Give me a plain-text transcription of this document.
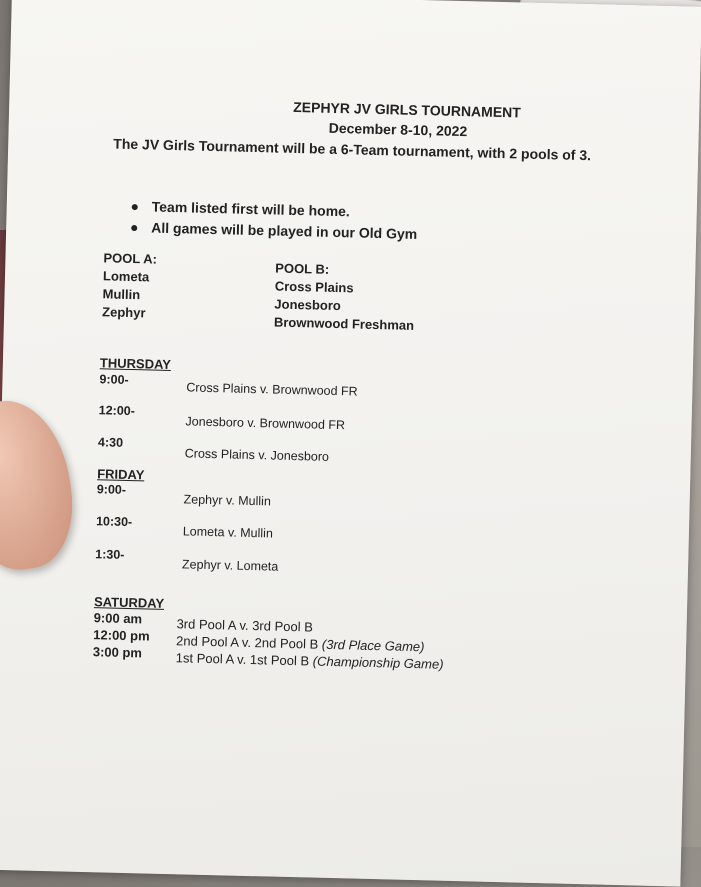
ZEPHYR JV GIRLS TOURNAMENT
December 8-10, 2022
The JV Girls Tournament will be a 6-Team tournament, with 2 pools of 3.
Team listed first will be home.
All games will be played in our Old Gym
POOL A:
Lometa
Mullin
Zephyr
POOL B:
Cross Plains
Jonesboro
Brownwood Freshman
THURSDAY
9:00-
Cross Plains v. Brownwood FR
12:00-
Jonesboro v. Brownwood FR
4:30
Cross Plains v. Jonesboro
FRIDAY
9:00-
Zephyr v. Mullin
10:30-
Lometa v. Mullin
1:30-
Zephyr v. Lometa
SATURDAY
9:00 am	3rd Pool A v. 3rd Pool B
12:00 pm 2nd Pool A v. 2nd Pool B (3rd Place Game)
3:00 pm	1st Pool A v. 1st Pool B (Championship Game)
